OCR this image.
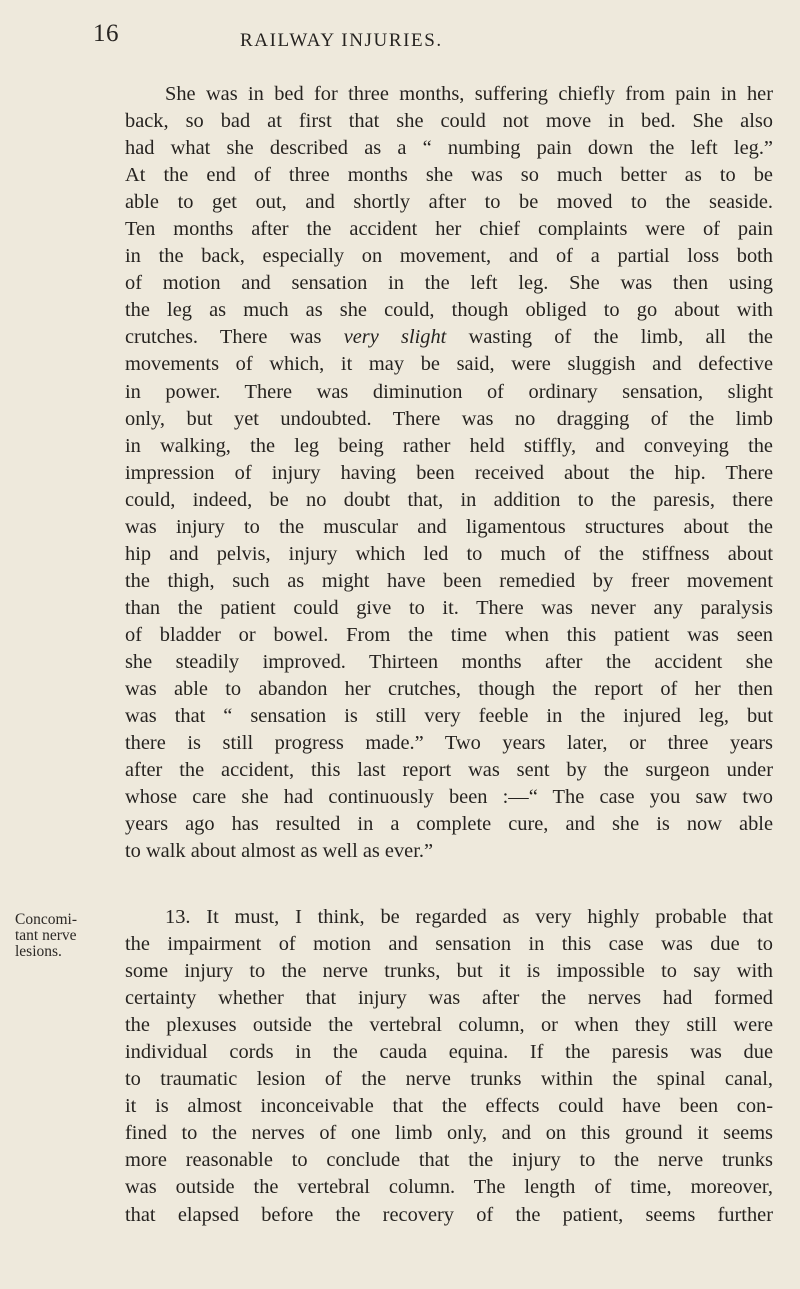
16	RAILWAY INJURIES.
Concomi-
tant nerve
lesions.
She was in bed for three months, suffering chiefly from pain in her
back, so bad at first that she could not move in bed. She also
had what she described as a “ numbing pain down the left leg.”
At the end of three months she was so much better as to be
able to get out, and shortly after to be moved to the seaside.
Ten months after the accident her chief complaints were of pain
in the back, especially on movement, and of a partial loss both
of motion and sensation in the left leg. She was then using
the leg as much as she could, though obliged to go about with
crutches. There was very slight wasting of the limb, all the
movements of which, it may be said, were sluggish and defective
in power. There was diminution of ordinary sensation, slight
only, but yet undoubted. There was no dragging of the limb
in walking, the leg being rather held stiffly, and conveying the
impression of injury having been received about the hip. There
could, indeed, be no doubt that, in addition to the paresis, there
was injury to the muscular and ligamentous structures about the
hip and pelvis, injury which led to much of the stiffness about
the thigh, such as might have been remedied by freer movement
than the patient could give to it. There was never any paralysis
of bladder or bowel. From the time when this patient was seen
she steadily improved. Thirteen months after the accident she
was able to abandon her crutches, though the report of her then
was that “ sensation is still very feeble in the injured leg, but
there is still progress made.” Two years later, or three years
after the accident, this last report was sent by the surgeon under
whose care she had continuously been :—“ The case you saw two
years ago has resulted in a complete cure, and she is now able
to walk about almost as well as ever.”
13. It must, I think, be regarded as very highly probable that
the impairment of motion and sensation in this case was due to
some injury to the nerve trunks, but it is impossible to say with
certainty whether that injury was after the nerves had formed
the plexuses outside the vertebral column, or when they still were
individual cords in the cauda equina. If the paresis was due
to traumatic lesion of the nerve trunks within the spinal canal,
it is almost inconceivable that the effects could have been con-
fined to the nerves of one limb only, and on this ground it seems
more reasonable to conclude that the injury to the nerve trunks
was outside the vertebral column. The length of time, moreover,
that elapsed before the recovery of the patient, seems further
